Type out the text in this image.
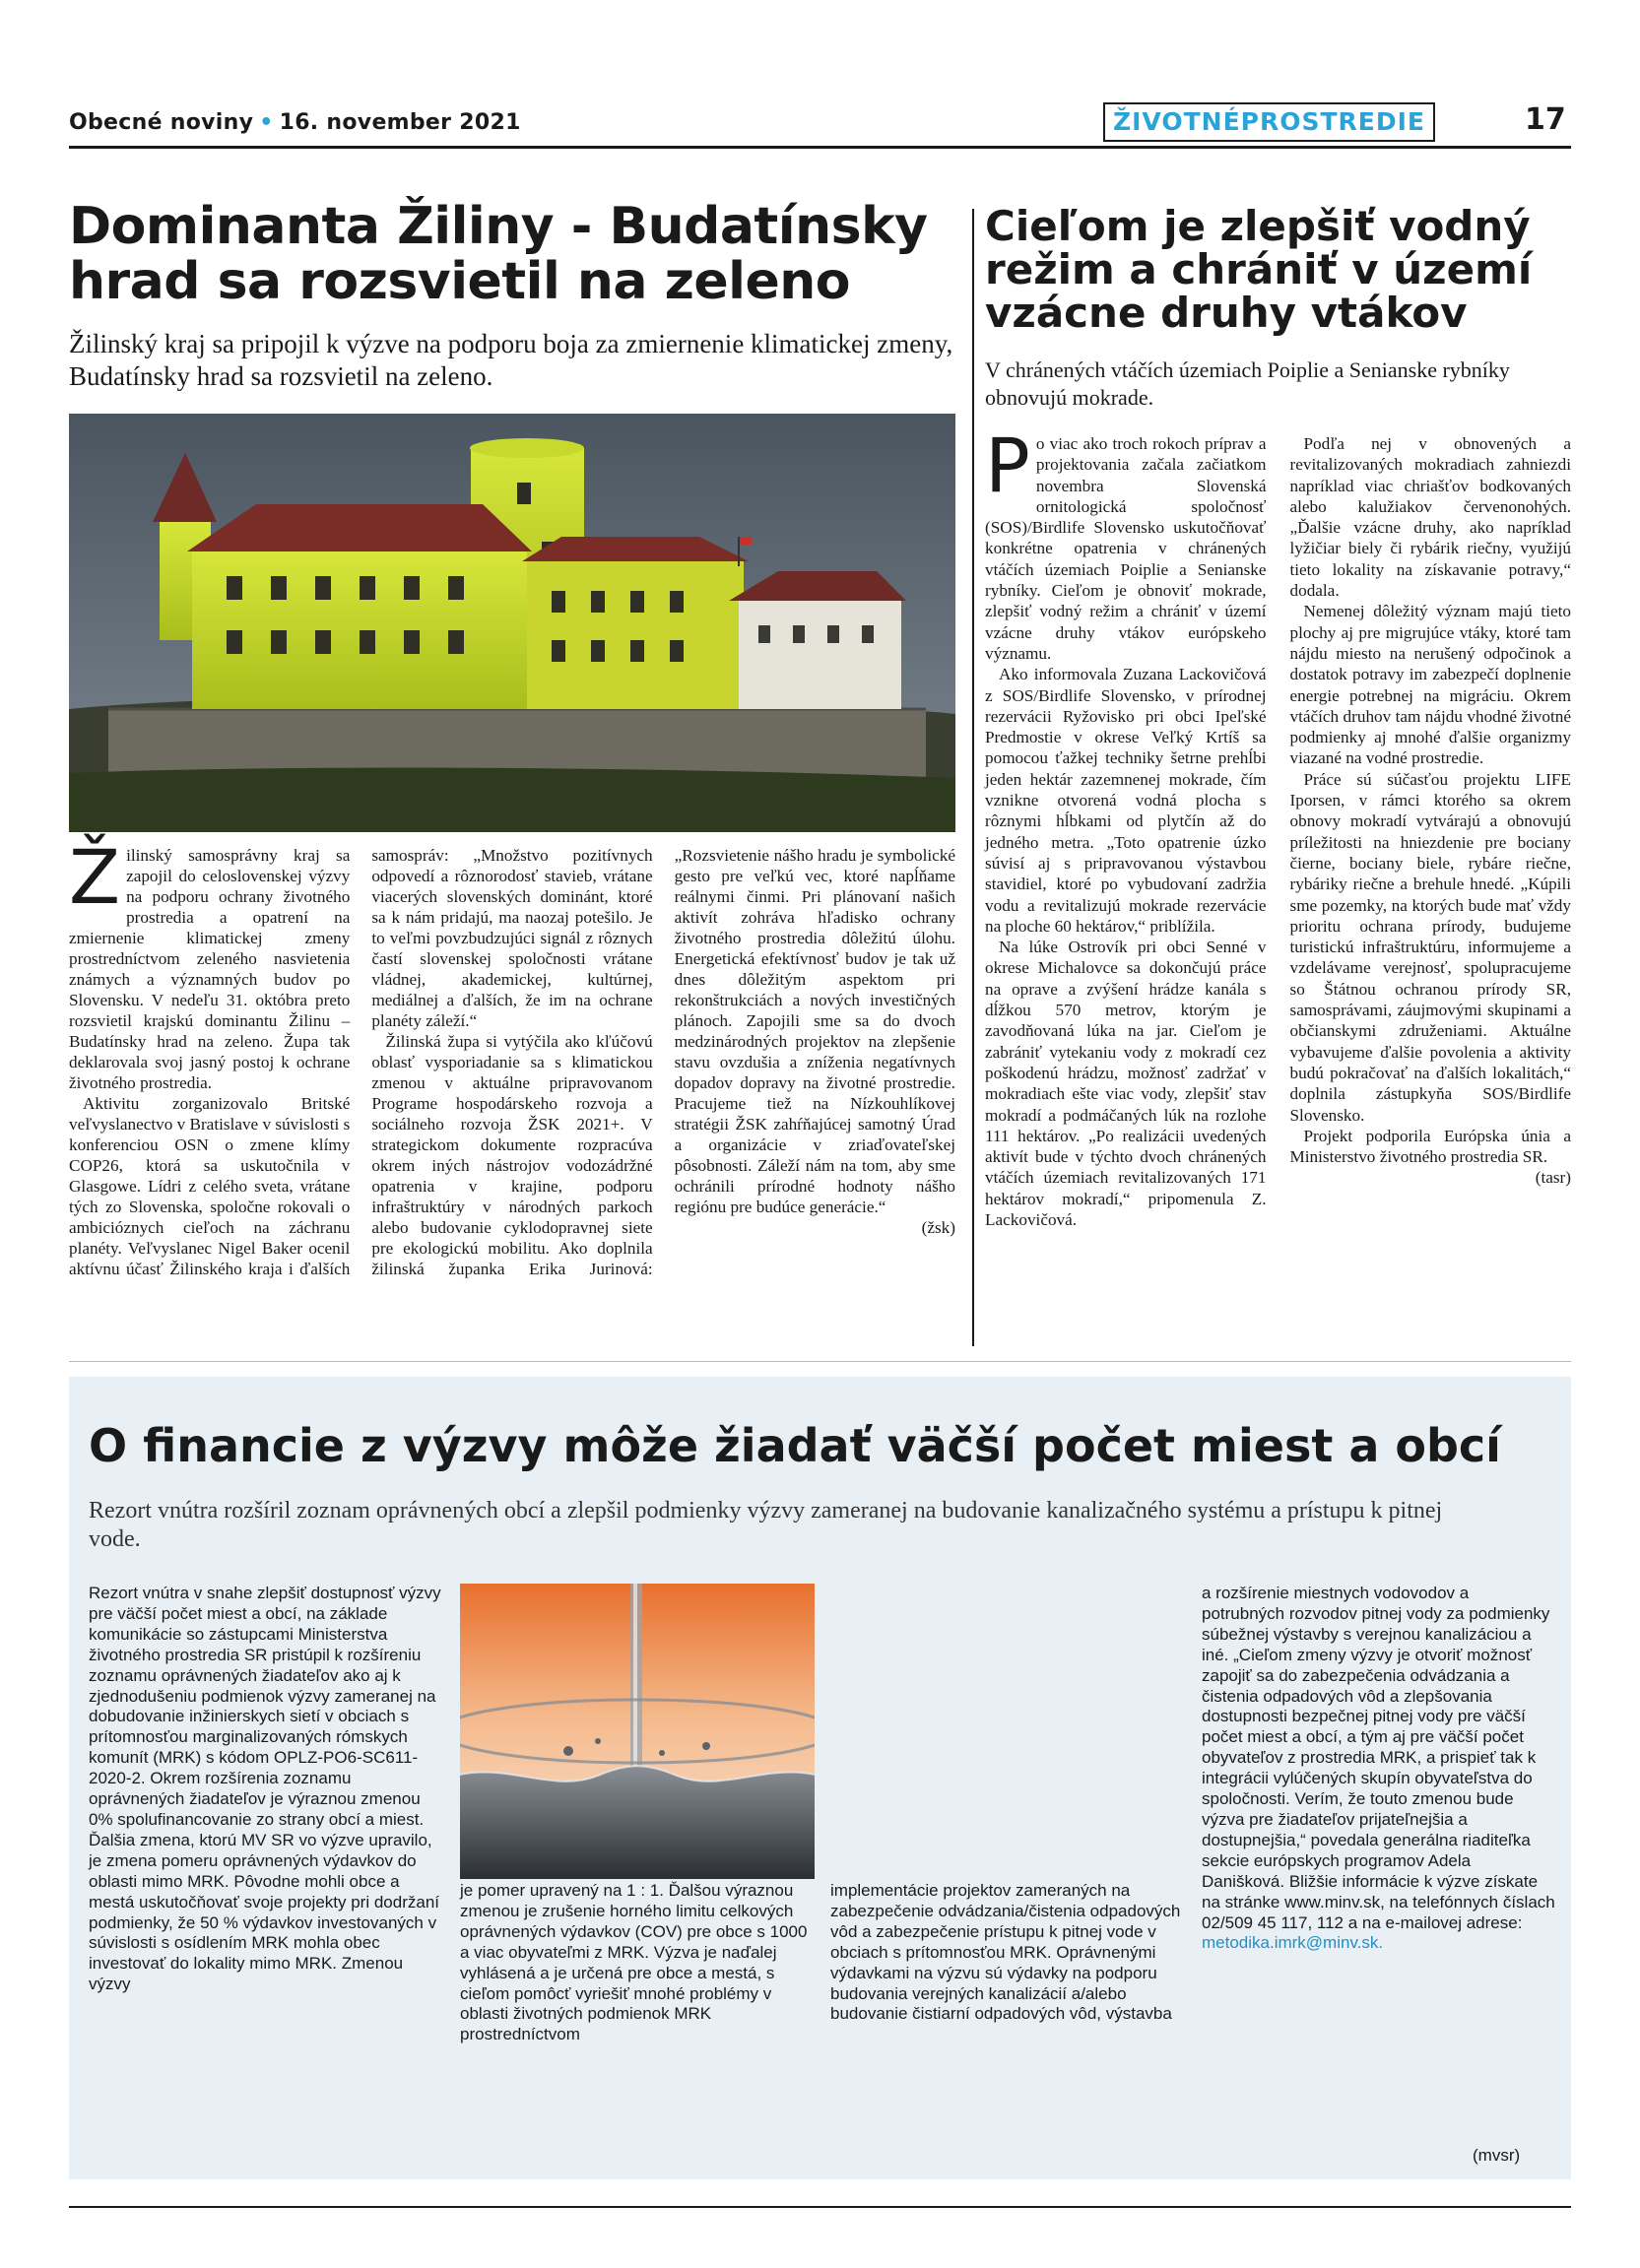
Obecné noviny • 16. november 2021	ŽIVOTNÉPROSTREDIE	17
Dominanta Žiliny - Budatínsky hrad sa rozsvietil na zeleno

Žilinský kraj sa pripojil k výzve na podporu boja za zmiernenie klimatickej zmeny, Budatínsky hrad sa rozsvietil na zeleno.

Žilinský samosprávny kraj sa zapojil do celoslovenskej výzvy na podporu ochrany životného prostredia a opatrení na zmiernenie klimatickej zmeny prostredníctvom zeleného nasvietenia známych a významných budov po Slovensku. V nedeľu 31. októbra preto rozsvietil krajskú dominantu Žilinu – Budatínsky hrad na zeleno. Župa tak deklarovala svoj jasný postoj k ochrane životného prostredia.

Aktivitu zorganizovalo Britské veľvyslanectvo v Bratislave v súvislosti s konferenciou OSN o zmene klímy COP26, ktorá sa uskutočnila v Glasgowe. Lídri z celého sveta, vrátane tých zo Slovenska, spoločne rokovali o ambicióznych cieľoch na záchranu planéty. Veľvyslanec Nigel Baker ocenil aktívnu účasť Žilinského kraja i ďalších samospráv: „Množstvo pozitívnych odpovedí a rôznorodosť stavieb, vrátane viacerých slovenských dominánt, ktoré sa k nám pridajú, ma naozaj potešilo. Je to veľmi povzbudzujúci signál z rôznych častí slovenskej spoločnosti vrátane vládnej, akademickej, kultúrnej, mediálnej a ďalších, že im na ochrane planéty záleží.“

Žilinská župa si vytýčila ako kľúčovú oblasť vysporiadanie sa s klimatickou zmenou v aktuálne pripravovanom Programe hospodárskeho rozvoja a sociálneho rozvoja ŽSK 2021+. V strategickom dokumente rozpracúva okrem iných nástrojov vodozádržné opatrenia v krajine, podporu infraštruktúry v národných parkoch alebo budovanie cyklodopravnej siete pre ekologickú mobilitu. Ako doplnila žilinská županka Erika Jurinová: „Rozsvietenie nášho hradu je symbolické gesto pre veľkú vec, ktoré napĺňame reálnymi činmi. Pri plánovaní našich aktivít zohráva hľadisko ochrany životného prostredia dôležitú úlohu. Energetická efektívnosť budov je tak už dnes dôležitým aspektom pri rekonštrukciách a nových investičných plánoch. Zapojili sme sa do dvoch medzinárodných projektov na zlepšenie stavu ovzdušia a zníženia negatívnych dopadov dopravy na životné prostredie. Pracujeme tiež na Nízkouhlíkovej stratégii ŽSK zahŕňajúcej samotný Úrad a organizácie v zriaďovateľskej pôsobnosti. Záleží nám na tom, aby sme ochránili prírodné hodnoty nášho regiónu pre budúce generácie.“

(žsk)

Cieľom je zlepšiť vodný režim a chrániť v území vzácne druhy vtákov

V chránených vtáčích územiach Poiplie a Senianske rybníky obnovujú mokrade.

Po viac ako troch rokoch príprav a projektovania začala začiatkom novembra Slovenská ornitologická spoločnosť (SOS)/Birdlife Slovensko uskutočňovať konkrétne opatrenia v chránených vtáčích územiach Poiplie a Senianske rybníky. Cieľom je obnoviť mokrade, zlepšiť vodný režim a chrániť v území vzácne druhy vtákov európskeho významu.

Ako informovala Zuzana Lackovičová z SOS/Birdlife Slovensko, v prírodnej rezervácii Ryžovisko pri obci Ipeľské Predmostie v okrese Veľký Krtíš sa pomocou ťažkej techniky šetrne prehĺbi jeden hektár zazemnenej mokrade, čím vznikne otvorená vodná plocha s rôznymi hĺbkami od plytčín až do jedného metra. „Toto opatrenie úzko súvisí aj s pripravovanou výstavbou stavidiel, ktoré po vybudovaní zadržia vodu a revitalizujú mokrade rezervácie na ploche 60 hektárov,“ priblížila.

Na lúke Ostrovík pri obci Senné v okrese Michalovce sa dokončujú práce na oprave a zvýšení hrádze kanála s dĺžkou 570 metrov, ktorým je zavodňovaná lúka na jar. Cieľom je zabrániť vytekaniu vody z mokradí cez poškodenú hrádzu, možnosť zadržať v mokradiach ešte viac vody, zlepšiť stav mokradí a podmáčaných lúk na rozlohe 111 hektárov. „Po realizácii uvedených aktivít bude v týchto dvoch chránených vtáčích územiach revitalizovaných 171 hektárov mokradí,“ pripomenula Z. Lackovičová.

Podľa nej v obnovených a revitalizovaných mokradiach zahniezdi napríklad viac chriašťov bodkovaných alebo kalužiakov červenonohých. „Ďalšie vzácne druhy, ako napríklad lyžičiar biely či rybárik riečny, využijú tieto lokality na získavanie potravy,“ dodala.

Nemenej dôležitý význam majú tieto plochy aj pre migrujúce vtáky, ktoré tam nájdu miesto na nerušený odpočinok a dostatok potravy im zabezpečí doplnenie energie potrebnej na migráciu. Okrem vtáčích druhov tam nájdu vhodné životné podmienky aj mnohé ďalšie organizmy viazané na vodné prostredie.

Práce sú súčasťou projektu LIFE Iporsen, v rámci ktorého sa okrem obnovy mokradí vytvárajú a obnovujú príležitosti na hniezdenie pre bociany čierne, bociany biele, rybáre riečne, rybáriky riečne a brehule hnedé. „Kúpili sme pozemky, na ktorých bude mať vždy prioritu ochrana prírody, budujeme turistickú infraštruktúru, informujeme a vzdelávame verejnosť, spolupracujeme so Štátnou ochranou prírody SR, samosprávami, záujmovými skupinami a občianskymi združeniami. Aktuálne vybavujeme ďalšie povolenia a aktivity budú pokračovať na ďalších lokalitách,“ doplnila zástupkyňa SOS/Birdlife Slovensko.

Projekt podporila Európska únia a Ministerstvo životného prostredia SR.

(tasr)

O financie z výzvy môže žiadať väčší počet miest a obcí

Rezort vnútra rozšíril zoznam oprávnených obcí a zlepšil podmienky výzvy zameranej na budovanie kanalizačného systému a prístupu k pitnej vode.

Rezort vnútra v snahe zlepšiť dostupnosť výzvy pre väčší počet miest a obcí, na základe komunikácie so zástupcami Ministerstva životného prostredia SR pristúpil k rozšíreniu zoznamu oprávnených žiadateľov ako aj k zjednodušeniu podmienok výzvy zameranej na dobudovanie inžinierskych sietí v obciach s prítomnosťou marginalizovaných rómskych komunít (MRK) s kódom OPLZ-PO6-SC611-2020-2. Okrem rozšírenia zoznamu oprávnených žiadateľov je výraznou zmenou 0% spolufinancovanie zo strany obcí a miest. Ďalšia zmena, ktorú MV SR vo výzve upravilo, je zmena pomeru oprávnených výdavkov do oblasti mimo MRK. Pôvodne mohli obce a mestá uskutočňovať svoje projekty pri dodržaní podmienky, že 50 % výdavkov investovaných v súvislosti s osídlením MRK mohla obec investovať do lokality mimo MRK. Zmenou výzvy
je pomer upravený na 1 : 1. Ďalšou výraznou zmenou je zrušenie horného limitu celkových oprávnených výdavkov (COV) pre obce s 1000 a viac obyvateľmi z MRK. Výzva je naďalej vyhlásená a je určená pre obce a mestá, s cieľom pomôcť vyriešiť mnohé problémy v oblasti životných podmienok MRK prostredníctvom
implementácie projektov zameraných na zabezpečenie odvádzania/čistenia odpadových vôd a zabezpečenie prístupu k pitnej vode v obciach s prítomnosťou MRK. Oprávnenými výdavkami na výzvu sú výdavky na podporu budovania verejných kanalizácií a/alebo budovanie čistiarní odpadových vôd, výstavba
a rozšírenie miestnych vodovodov a potrubných rozvodov pitnej vody za podmienky súbežnej výstavby s verejnou kanalizáciou a iné. „Cieľom zmeny výzvy je otvoriť možnosť zapojiť sa do zabezpečenia odvádzania a čistenia odpadových vôd a zlepšovania dostupnosti bezpečnej pitnej vody pre väčší počet miest a obcí, a tým aj pre väčší počet obyvateľov z prostredia MRK, a prispieť tak k integrácii vylúčených skupín obyvateľstva do spoločnosti. Verím, že touto zmenou bude výzva pre žiadateľov prijateľnejšia a dostupnejšia,“ povedala generálna riaditeľka sekcie európskych programov Adela Danišková. Bližšie informácie k výzve získate na stránke www.minv.sk, na telefónnych číslach 02/509 45 117, 112 a na e-mailovej adrese:
metodika.imrk@minv.sk.
(mvsr)
